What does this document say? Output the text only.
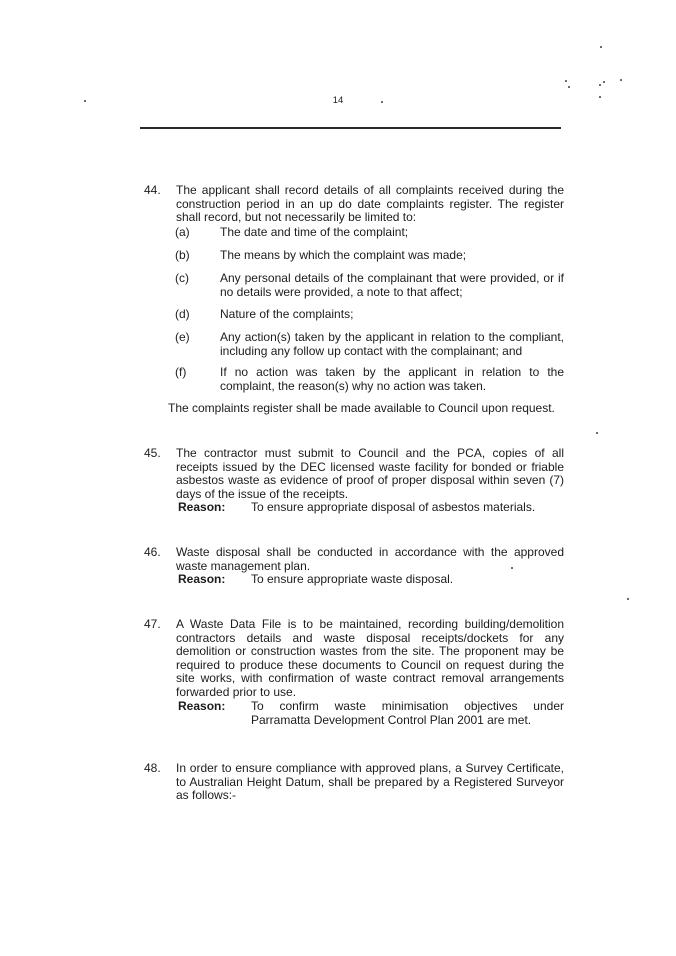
14
44. The applicant shall record details of all complaints received during the construction period in an up do date complaints register. The register shall record, but not necessarily be limited to:
(a)	The date and time of the complaint;
(b)	The means by which the complaint was made;
(c)	Any personal details of the complainant that were provided, or if no details were provided, a note to that affect;
(d)	Nature of the complaints;
(e)	Any action(s) taken by the applicant in relation to the compliant, including any follow up contact with the complainant; and
(f)	If no action was taken by the applicant in relation to the complaint, the reason(s) why no action was taken.
The complaints register shall be made available to Council upon request.
45. The contractor must submit to Council and the PCA, copies of all receipts issued by the DEC licensed waste facility for bonded or friable asbestos waste as evidence of proof of proper disposal within seven (7) days of the issue of the receipts.
Reason: To ensure appropriate disposal of asbestos materials.
46. Waste disposal shall be conducted in accordance with the approved waste management plan.
Reason: To ensure appropriate waste disposal.
47. A Waste Data File is to be maintained, recording building/demolition contractors details and waste disposal receipts/dockets for any demolition or construction wastes from the site. The proponent may be required to produce these documents to Council on request during the site works, with confirmation of waste contract removal arrangements forwarded prior to use.
Reason: To confirm waste minimisation objectives under Parramatta Development Control Plan 2001 are met.
48. In order to ensure compliance with approved plans, a Survey Certificate, to Australian Height Datum, shall be prepared by a Registered Surveyor as follows:-
